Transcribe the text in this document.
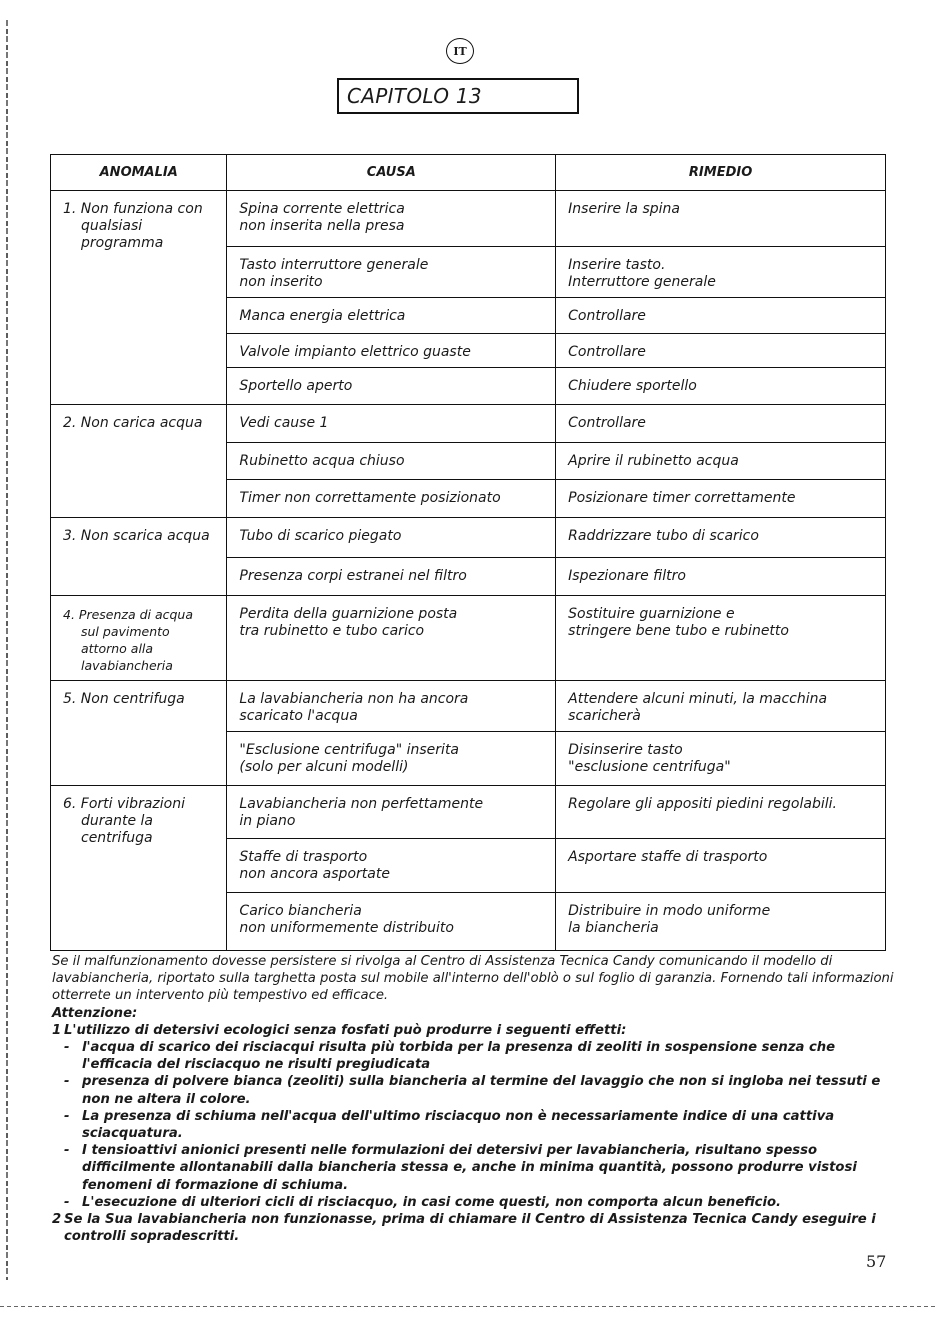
IT
CAPITOLO 13
ANOMALIA	CAUSA	RIMEDIO

1. Non funziona con qualsiasi programma	Spina corrente elettrica
non inserita nella presa	Inserire la spina
	Tasto interruttore generale
non inserito	Inserire tasto.
Interruttore generale
	Manca energia elettrica	Controllare
	Valvole impianto elettrico guaste	Controllare
	Sportello aperto	Chiudere sportello

2. Non carica acqua	Vedi cause 1	Controllare
	Rubinetto acqua chiuso	Aprire il rubinetto acqua
	Timer non correttamente posizionato	Posizionare timer correttamente

3. Non scarica acqua	Tubo di scarico piegato	Raddrizzare tubo di scarico
	Presenza corpi estranei nel filtro	Ispezionare filtro

4. Presenza di acqua sul pavimento attorno alla lavabiancheria	Perdita della guarnizione posta
tra rubinetto e tubo carico	Sostituire guarnizione e
stringere bene tubo e rubinetto

5. Non centrifuga	La lavabiancheria non ha ancora
scaricato l'acqua	Attendere alcuni minuti, la macchina
scaricherà
	"Esclusione centrifuga" inserita
(solo per alcuni modelli)	Disinserire tasto
"esclusione centrifuga"

6. Forti vibrazioni durante la centrifuga	Lavabiancheria non perfettamente
in piano	Regolare gli appositi piedini regolabili.
	Staffe di trasporto
non ancora asportate	Asportare staffe di trasporto
	Carico biancheria
non uniformemente distribuito	Distribuire in modo uniforme
la biancheria

Se il malfunzionamento dovesse persistere si rivolga al Centro di Assistenza Tecnica Candy comunicando il modello di lavabiancheria, riportato sulla targhetta posta sul mobile all'interno dell'oblò o sul foglio di garanzia. Fornendo tali informazioni otterrete un intervento più tempestivo ed efficace.

Attenzione:

1 L'utilizzo di detersivi ecologici senza fosfati può produrre i seguenti effetti:
- l'acqua di scarico dei risciacqui risulta più torbida per la presenza di zeoliti in sospensione senza che l'efficacia del risciacquo ne risulti pregiudicata
- presenza di polvere bianca (zeoliti) sulla biancheria al termine del lavaggio che non si ingloba nei tessuti e non ne altera il colore.
- La presenza di schiuma nell'acqua dell'ultimo risciacquo non è necessariamente indice di una cattiva sciacquatura.
- I tensioattivi anionici presenti nelle formulazioni dei detersivi per lavabiancheria, risultano spesso difficilmente allontanabili dalla biancheria stessa e, anche in minima quantità, possono produrre vistosi fenomeni di formazione di schiuma.
- L'esecuzione di ulteriori cicli di risciacquo, in casi come questi, non comporta alcun beneficio.
2 Se la Sua lavabiancheria non funzionasse, prima di chiamare il Centro di Assistenza Tecnica Candy eseguire i controlli sopradescritti.
57
